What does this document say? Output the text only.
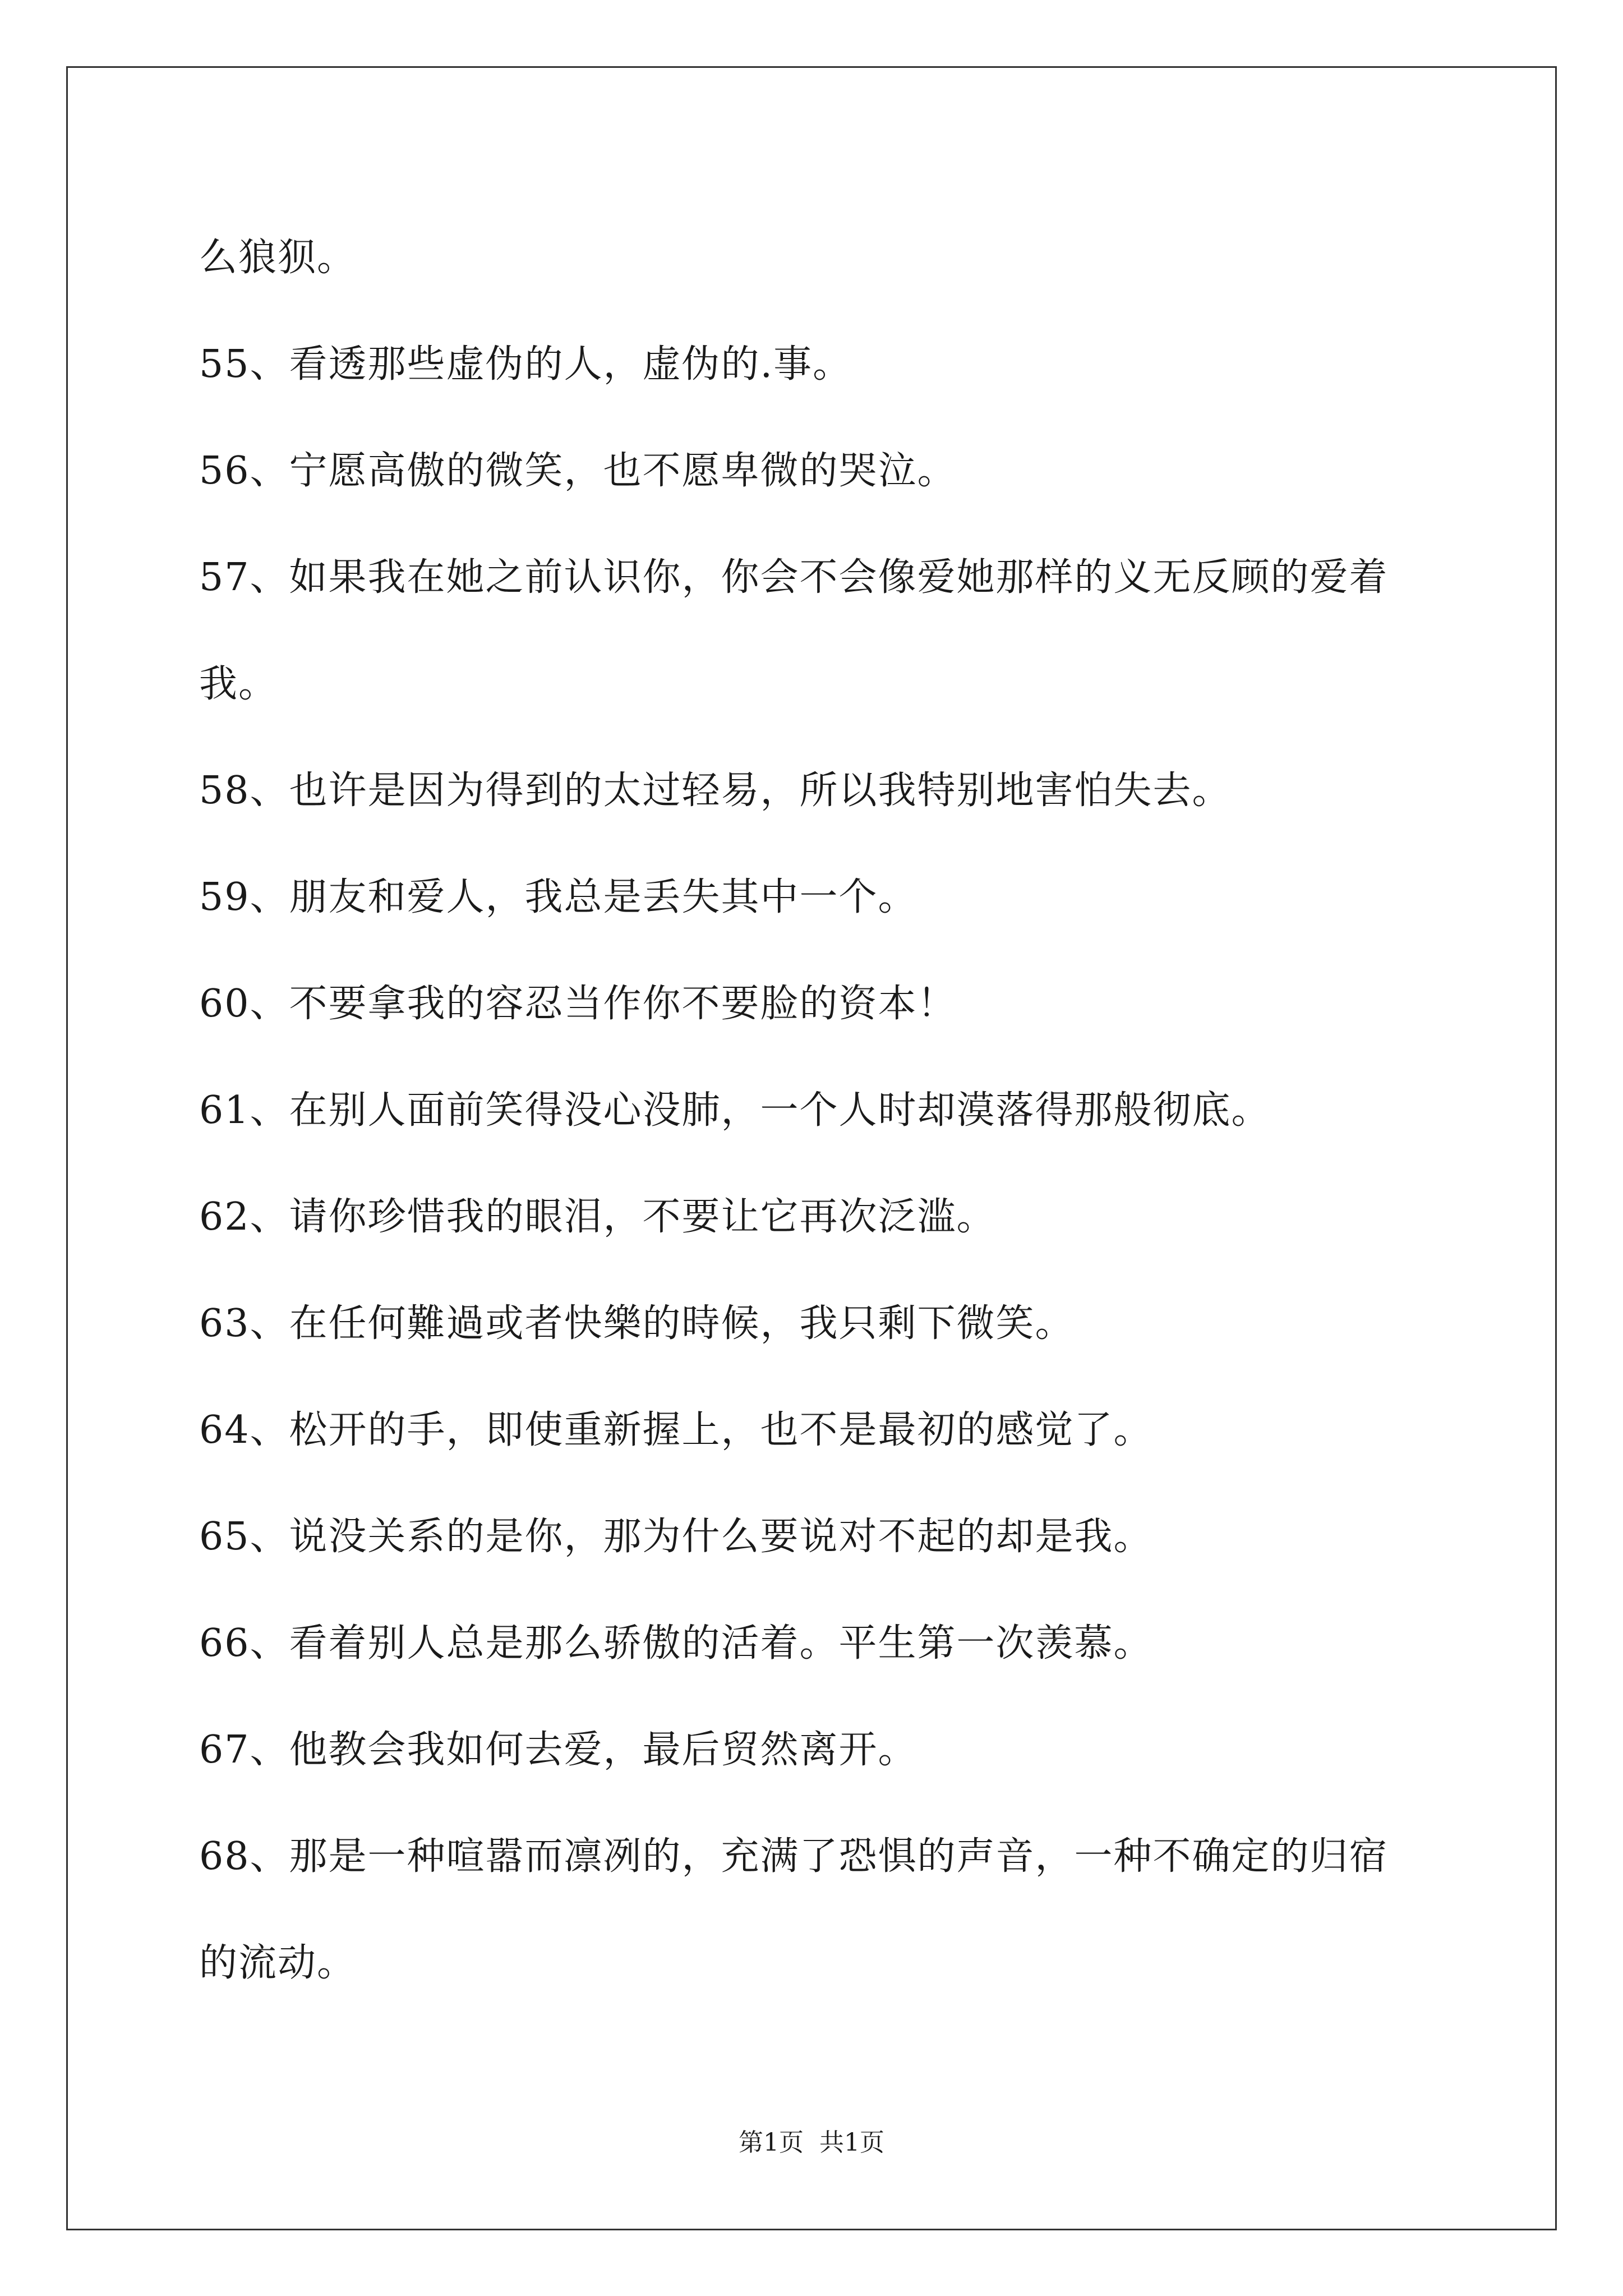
么狼狈。
55、看透那些虚伪的人，虚伪的.事。
56、宁愿高傲的微笑，也不愿卑微的哭泣。
57、如果我在她之前认识你，你会不会像爱她那样的义无反顾的爱着
我。
58、也许是因为得到的太过轻易，所以我特别地害怕失去。
59、朋友和爱人，我总是丢失其中一个。
60、不要拿我的容忍当作你不要脸的资本！
61、在别人面前笑得没心没肺，一个人时却漠落得那般彻底。
62、请你珍惜我的眼泪，不要让它再次泛滥。
63、在任何難過或者快樂的時候，我只剩下微笑。
64、松开的手，即使重新握上，也不是最初的感觉了。
65、说没关系的是你，那为什么要说对不起的却是我。
66、看着别人总是那么骄傲的活着。平生第一次羡慕。
67、他教会我如何去爱，最后贸然离开。
68、那是一种喧嚣而凛冽的，充满了恐惧的声音，一种不确定的归宿
的流动。
第1页  共1页
